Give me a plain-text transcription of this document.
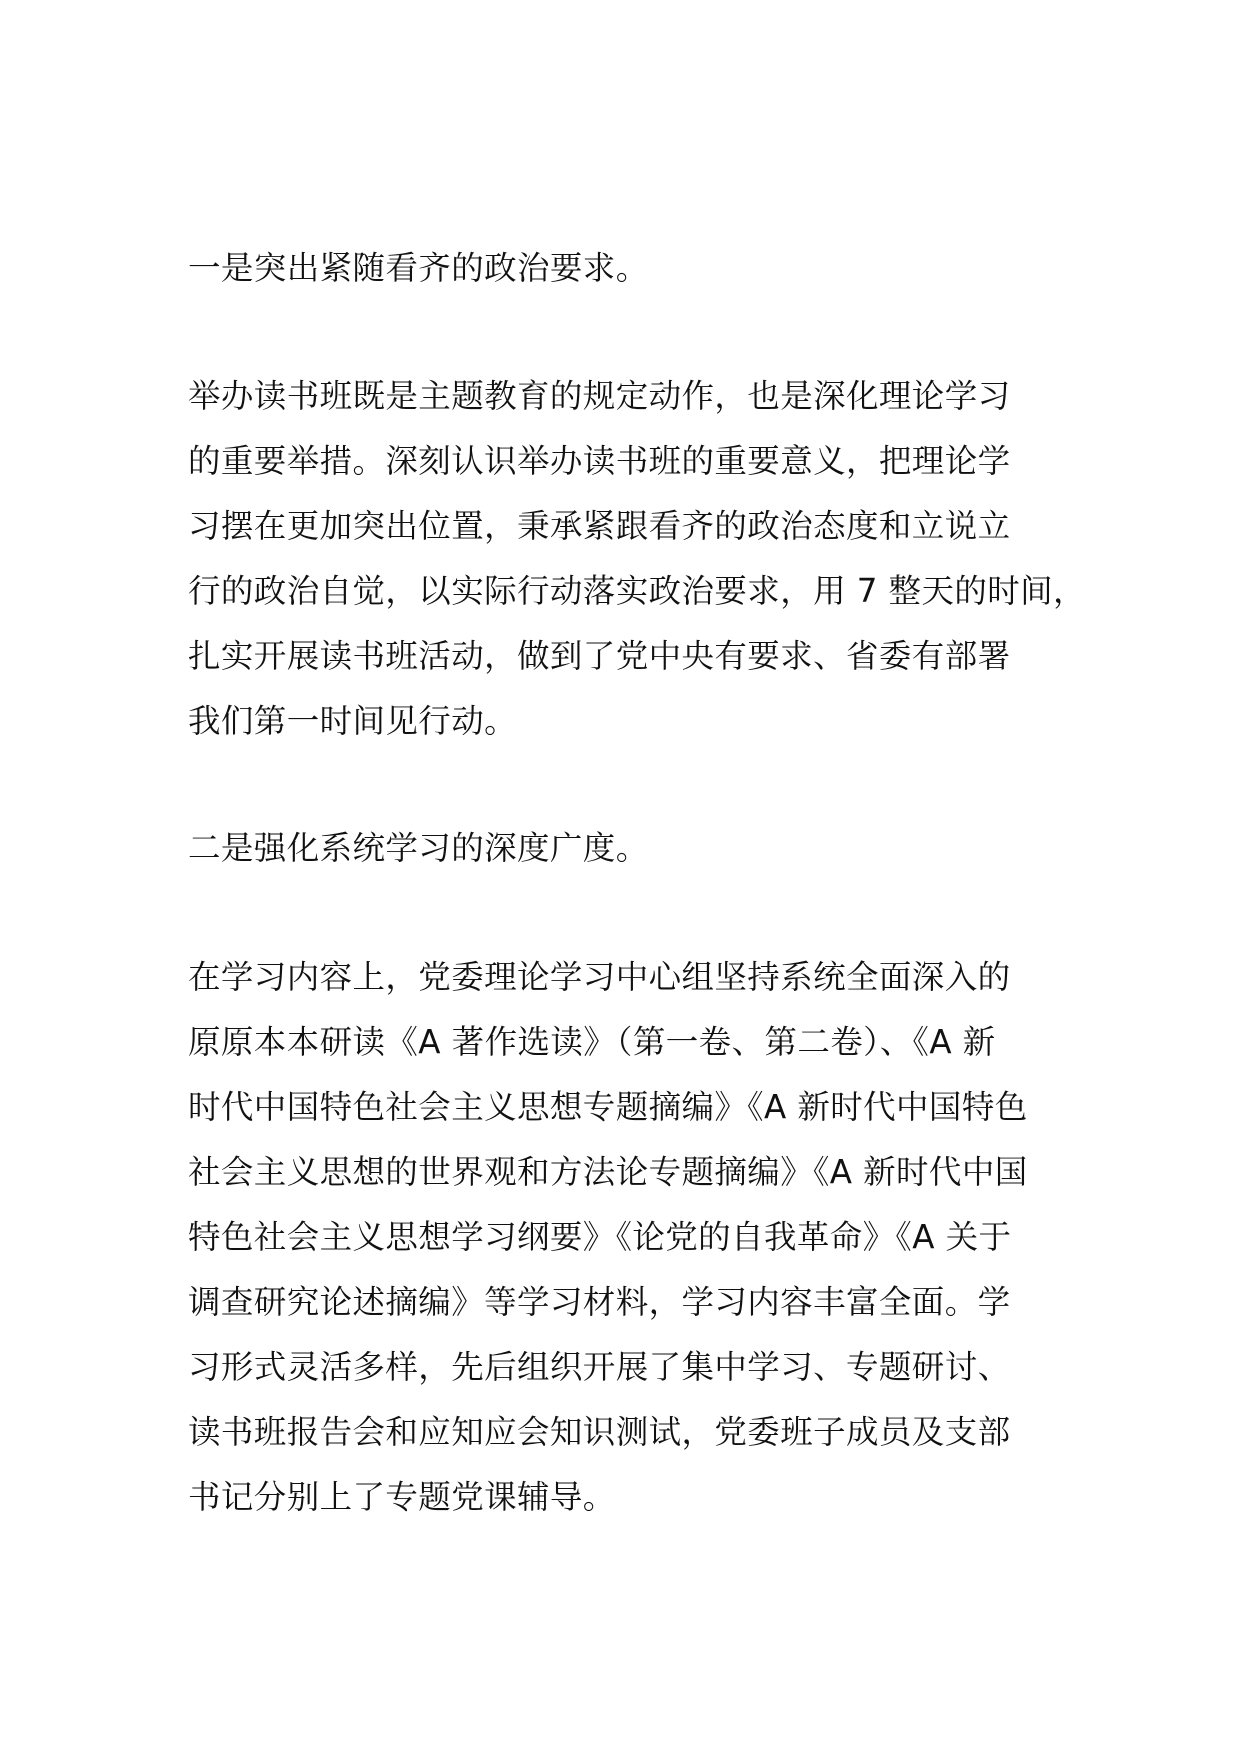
一是突出紧随看齐的政治要求。

举办读书班既是主题教育的规定动作，也是深化理论学习
的重要举措。深刻认识举办读书班的重要意义，把理论学
习摆在更加突出位置，秉承紧跟看齐的政治态度和立说立
行的政治自觉，以实际行动落实政治要求，用 7 整天的时间，
扎实开展读书班活动，做到了党中央有要求、省委有部署
我们第一时间见行动。

二是强化系统学习的深度广度。

在学习内容上，党委理论学习中心组坚持系统全面深入的
原原本本研读《A 著作选读》（第一卷、第二卷）、《A 新
时代中国特色社会主义思想专题摘编》《A 新时代中国特色
社会主义思想的世界观和方法论专题摘编》《A 新时代中国
特色社会主义思想学习纲要》《论党的自我革命》《A 关于
调查研究论述摘编》等学习材料，学习内容丰富全面。学
习形式灵活多样，先后组织开展了集中学习、专题研讨、
读书班报告会和应知应会知识测试，党委班子成员及支部
书记分别上了专题党课辅导。
